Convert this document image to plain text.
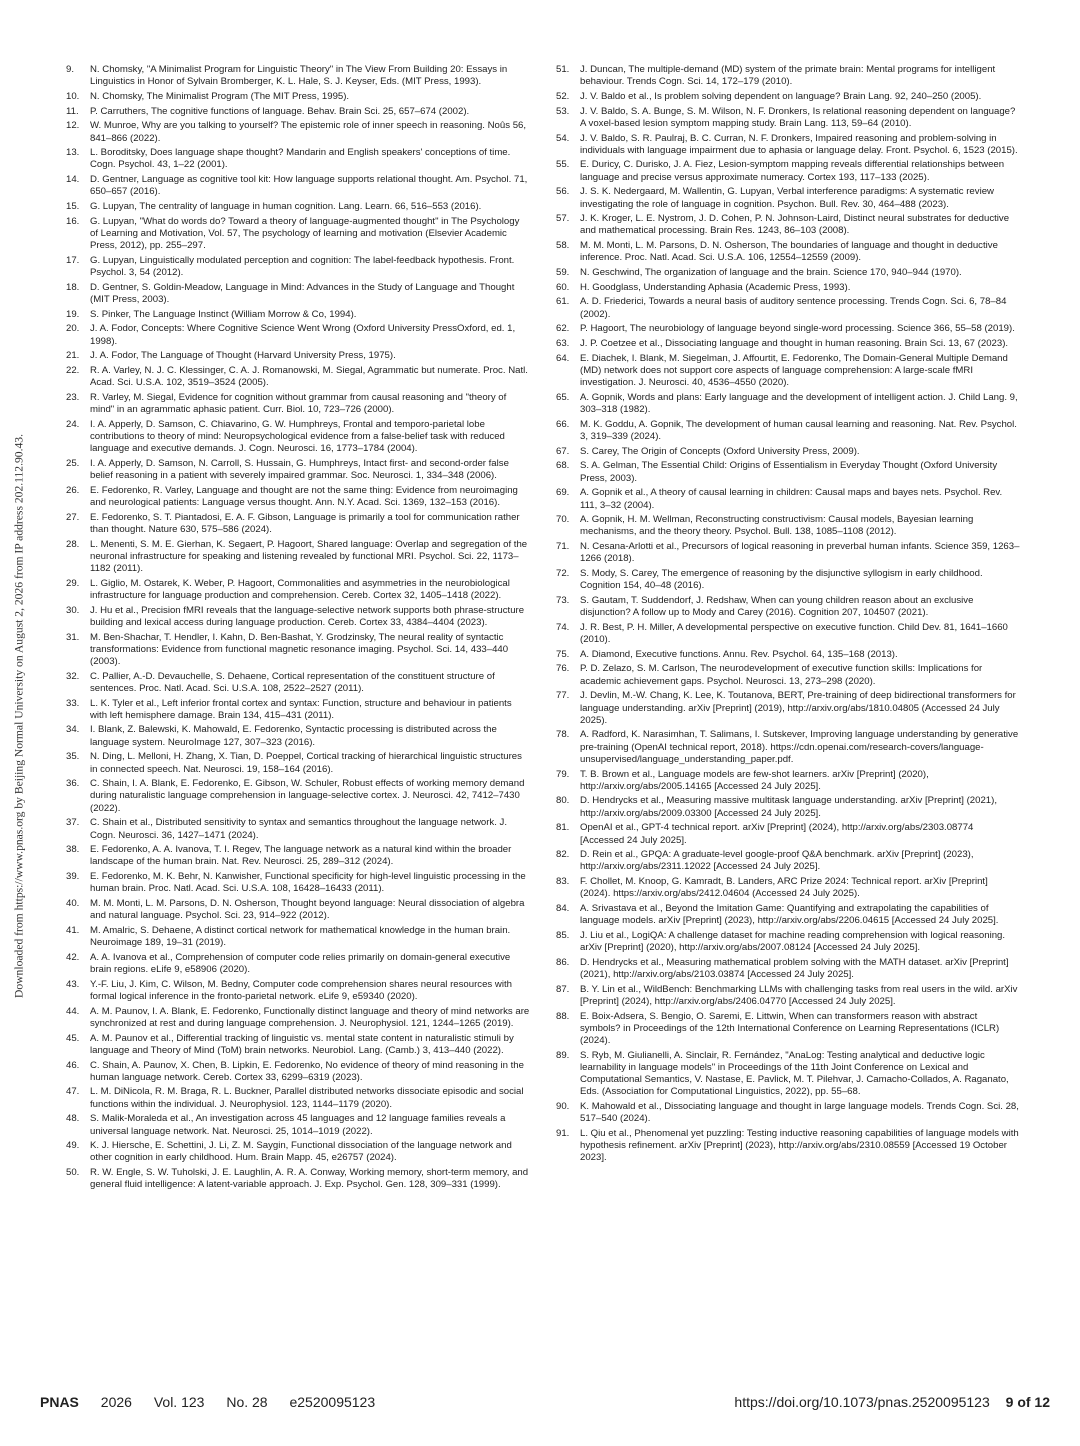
Downloaded from https://www.pnas.org by Beijing Normal University on August 2, 2026 from IP address 202.112.90.43.
9. N. Chomsky, "A Minimalist Program for Linguistic Theory" in The View From Building 20: Essays in Linguistics in Honor of Sylvain Bromberger, K. L. Hale, S. J. Keyser, Eds. (MIT Press, 1993).
10. N. Chomsky, The Minimalist Program (The MIT Press, 1995).
11. P. Carruthers, The cognitive functions of language. Behav. Brain Sci. 25, 657–674 (2002).
12. W. Munroe, Why are you talking to yourself? The epistemic role of inner speech in reasoning. Noûs 56, 841–866 (2022).
13. L. Boroditsky, Does language shape thought? Mandarin and English speakers' conceptions of time. Cogn. Psychol. 43, 1–22 (2001).
14. D. Gentner, Language as cognitive tool kit: How language supports relational thought. Am. Psychol. 71, 650–657 (2016).
15. G. Lupyan, The centrality of language in human cognition. Lang. Learn. 66, 516–553 (2016).
16. G. Lupyan, "What do words do? Toward a theory of language-augmented thought" in The Psychology of Learning and Motivation, Vol. 57, The psychology of learning and motivation (Elsevier Academic Press, 2012), pp. 255–297.
17. G. Lupyan, Linguistically modulated perception and cognition: The label-feedback hypothesis. Front. Psychol. 3, 54 (2012).
18. D. Gentner, S. Goldin-Meadow, Language in Mind: Advances in the Study of Language and Thought (MIT Press, 2003).
19. S. Pinker, The Language Instinct (William Morrow & Co, 1994).
20. J. A. Fodor, Concepts: Where Cognitive Science Went Wrong (Oxford University PressOxford, ed. 1, 1998).
21. J. A. Fodor, The Language of Thought (Harvard University Press, 1975).
22. R. A. Varley, N. J. C. Klessinger, C. A. J. Romanowski, M. Siegal, Agrammatic but numerate. Proc. Natl. Acad. Sci. U.S.A. 102, 3519–3524 (2005).
23. R. Varley, M. Siegal, Evidence for cognition without grammar from causal reasoning and "theory of mind" in an agrammatic aphasic patient. Curr. Biol. 10, 723–726 (2000).
24. I. A. Apperly, D. Samson, C. Chiavarino, G. W. Humphreys, Frontal and temporo-parietal lobe contributions to theory of mind: Neuropsychological evidence from a false-belief task with reduced language and executive demands. J. Cogn. Neurosci. 16, 1773–1784 (2004).
25. I. A. Apperly, D. Samson, N. Carroll, S. Hussain, G. Humphreys, Intact first- and second-order false belief reasoning in a patient with severely impaired grammar. Soc. Neurosci. 1, 334–348 (2006).
26. E. Fedorenko, R. Varley, Language and thought are not the same thing: Evidence from neuroimaging and neurological patients: Language versus thought. Ann. N.Y. Acad. Sci. 1369, 132–153 (2016).
27. E. Fedorenko, S. T. Piantadosi, E. A. F. Gibson, Language is primarily a tool for communication rather than thought. Nature 630, 575–586 (2024).
28. L. Menenti, S. M. E. Gierhan, K. Segaert, P. Hagoort, Shared language: Overlap and segregation of the neuronal infrastructure for speaking and listening revealed by functional MRI. Psychol. Sci. 22, 1173–1182 (2011).
29. L. Giglio, M. Ostarek, K. Weber, P. Hagoort, Commonalities and asymmetries in the neurobiological infrastructure for language production and comprehension. Cereb. Cortex 32, 1405–1418 (2022).
30. J. Hu et al., Precision fMRI reveals that the language-selective network supports both phrase-structure building and lexical access during language production. Cereb. Cortex 33, 4384–4404 (2023).
31. M. Ben-Shachar, T. Hendler, I. Kahn, D. Ben-Bashat, Y. Grodzinsky, The neural reality of syntactic transformations: Evidence from functional magnetic resonance imaging. Psychol. Sci. 14, 433–440 (2003).
32. C. Pallier, A.-D. Devauchelle, S. Dehaene, Cortical representation of the constituent structure of sentences. Proc. Natl. Acad. Sci. U.S.A. 108, 2522–2527 (2011).
33. L. K. Tyler et al., Left inferior frontal cortex and syntax: Function, structure and behaviour in patients with left hemisphere damage. Brain 134, 415–431 (2011).
34. I. Blank, Z. Balewski, K. Mahowald, E. Fedorenko, Syntactic processing is distributed across the language system. NeuroImage 127, 307–323 (2016).
35. N. Ding, L. Melloni, H. Zhang, X. Tian, D. Poeppel, Cortical tracking of hierarchical linguistic structures in connected speech. Nat. Neurosci. 19, 158–164 (2016).
36. C. Shain, I. A. Blank, E. Fedorenko, E. Gibson, W. Schuler, Robust effects of working memory demand during naturalistic language comprehension in language-selective cortex. J. Neurosci. 42, 7412–7430 (2022).
37. C. Shain et al., Distributed sensitivity to syntax and semantics throughout the language network. J. Cogn. Neurosci. 36, 1427–1471 (2024).
38. E. Fedorenko, A. A. Ivanova, T. I. Regev, The language network as a natural kind within the broader landscape of the human brain. Nat. Rev. Neurosci. 25, 289–312 (2024).
39. E. Fedorenko, M. K. Behr, N. Kanwisher, Functional specificity for high-level linguistic processing in the human brain. Proc. Natl. Acad. Sci. U.S.A. 108, 16428–16433 (2011).
40. M. M. Monti, L. M. Parsons, D. N. Osherson, Thought beyond language: Neural dissociation of algebra and natural language. Psychol. Sci. 23, 914–922 (2012).
41. M. Amalric, S. Dehaene, A distinct cortical network for mathematical knowledge in the human brain. Neuroimage 189, 19–31 (2019).
42. A. A. Ivanova et al., Comprehension of computer code relies primarily on domain-general executive brain regions. eLife 9, e58906 (2020).
43. Y.-F. Liu, J. Kim, C. Wilson, M. Bedny, Computer code comprehension shares neural resources with formal logical inference in the fronto-parietal network. eLife 9, e59340 (2020).
44. A. M. Paunov, I. A. Blank, E. Fedorenko, Functionally distinct language and theory of mind networks are synchronized at rest and during language comprehension. J. Neurophysiol. 121, 1244–1265 (2019).
45. A. M. Paunov et al., Differential tracking of linguistic vs. mental state content in naturalistic stimuli by language and Theory of Mind (ToM) brain networks. Neurobiol. Lang. (Camb.) 3, 413–440 (2022).
46. C. Shain, A. Paunov, X. Chen, B. Lipkin, E. Fedorenko, No evidence of theory of mind reasoning in the human language network. Cereb. Cortex 33, 6299–6319 (2023).
47. L. M. DiNicola, R. M. Braga, R. L. Buckner, Parallel distributed networks dissociate episodic and social functions within the individual. J. Neurophysiol. 123, 1144–1179 (2020).
48. S. Malik-Moraleda et al., An investigation across 45 languages and 12 language families reveals a universal language network. Nat. Neurosci. 25, 1014–1019 (2022).
49. K. J. Hiersche, E. Schettini, J. Li, Z. M. Saygin, Functional dissociation of the language network and other cognition in early childhood. Hum. Brain Mapp. 45, e26757 (2024).
50. R. W. Engle, S. W. Tuholski, J. E. Laughlin, A. R. A. Conway, Working memory, short-term memory, and general fluid intelligence: A latent-variable approach. J. Exp. Psychol. Gen. 128, 309–331 (1999).
51. J. Duncan, The multiple-demand (MD) system of the primate brain: Mental programs for intelligent behaviour. Trends Cogn. Sci. 14, 172–179 (2010).
52. J. V. Baldo et al., Is problem solving dependent on language? Brain Lang. 92, 240–250 (2005).
53. J. V. Baldo, S. A. Bunge, S. M. Wilson, N. F. Dronkers, Is relational reasoning dependent on language? A voxel-based lesion symptom mapping study. Brain Lang. 113, 59–64 (2010).
54. J. V. Baldo, S. R. Paulraj, B. C. Curran, N. F. Dronkers, Impaired reasoning and problem-solving in individuals with language impairment due to aphasia or language delay. Front. Psychol. 6, 1523 (2015).
55. E. Duricy, C. Durisko, J. A. Fiez, Lesion-symptom mapping reveals differential relationships between language and precise versus approximate numeracy. Cortex 193, 117–133 (2025).
56. J. S. K. Nedergaard, M. Wallentin, G. Lupyan, Verbal interference paradigms: A systematic review investigating the role of language in cognition. Psychon. Bull. Rev. 30, 464–488 (2023).
57. J. K. Kroger, L. E. Nystrom, J. D. Cohen, P. N. Johnson-Laird, Distinct neural substrates for deductive and mathematical processing. Brain Res. 1243, 86–103 (2008).
58. M. M. Monti, L. M. Parsons, D. N. Osherson, The boundaries of language and thought in deductive inference. Proc. Natl. Acad. Sci. U.S.A. 106, 12554–12559 (2009).
59. N. Geschwind, The organization of language and the brain. Science 170, 940–944 (1970).
60. H. Goodglass, Understanding Aphasia (Academic Press, 1993).
61. A. D. Friederici, Towards a neural basis of auditory sentence processing. Trends Cogn. Sci. 6, 78–84 (2002).
62. P. Hagoort, The neurobiology of language beyond single-word processing. Science 366, 55–58 (2019).
63. J. P. Coetzee et al., Dissociating language and thought in human reasoning. Brain Sci. 13, 67 (2023).
64. E. Diachek, I. Blank, M. Siegelman, J. Affourtit, E. Fedorenko, The Domain-General Multiple Demand (MD) network does not support core aspects of language comprehension: A large-scale fMRI investigation. J. Neurosci. 40, 4536–4550 (2020).
65. A. Gopnik, Words and plans: Early language and the development of intelligent action. J. Child Lang. 9, 303–318 (1982).
66. M. K. Goddu, A. Gopnik, The development of human causal learning and reasoning. Nat. Rev. Psychol. 3, 319–339 (2024).
67. S. Carey, The Origin of Concepts (Oxford University Press, 2009).
68. S. A. Gelman, The Essential Child: Origins of Essentialism in Everyday Thought (Oxford University Press, 2003).
69. A. Gopnik et al., A theory of causal learning in children: Causal maps and bayes nets. Psychol. Rev. 111, 3–32 (2004).
70. A. Gopnik, H. M. Wellman, Reconstructing constructivism: Causal models, Bayesian learning mechanisms, and the theory theory. Psychol. Bull. 138, 1085–1108 (2012).
71. N. Cesana-Arlotti et al., Precursors of logical reasoning in preverbal human infants. Science 359, 1263–1266 (2018).
72. S. Mody, S. Carey, The emergence of reasoning by the disjunctive syllogism in early childhood. Cognition 154, 40–48 (2016).
73. S. Gautam, T. Suddendorf, J. Redshaw, When can young children reason about an exclusive disjunction? A follow up to Mody and Carey (2016). Cognition 207, 104507 (2021).
74. J. R. Best, P. H. Miller, A developmental perspective on executive function. Child Dev. 81, 1641–1660 (2010).
75. A. Diamond, Executive functions. Annu. Rev. Psychol. 64, 135–168 (2013).
76. P. D. Zelazo, S. M. Carlson, The neurodevelopment of executive function skills: Implications for academic achievement gaps. Psychol. Neurosci. 13, 273–298 (2020).
77. J. Devlin, M.-W. Chang, K. Lee, K. Toutanova, BERT, Pre-training of deep bidirectional transformers for language understanding. arXiv [Preprint] (2019), http://arxiv.org/abs/1810.04805 (Accessed 24 July 2025).
78. A. Radford, K. Narasimhan, T. Salimans, I. Sutskever, Improving language understanding by generative pre-training (OpenAI technical report, 2018). https://cdn.openai.com/research-covers/language-unsupervised/language_understanding_paper.pdf.
79. T. B. Brown et al., Language models are few-shot learners. arXiv [Preprint] (2020), http://arxiv.org/abs/2005.14165 [Accessed 24 July 2025].
80. D. Hendrycks et al., Measuring massive multitask language understanding. arXiv [Preprint] (2021), http://arxiv.org/abs/2009.03300 [Accessed 24 July 2025].
81. OpenAI et al., GPT-4 technical report. arXiv [Preprint] (2024), http://arxiv.org/abs/2303.08774 [Accessed 24 July 2025].
82. D. Rein et al., GPQA: A graduate-level google-proof Q&A benchmark. arXiv [Preprint] (2023), http://arxiv.org/abs/2311.12022 [Accessed 24 July 2025].
83. F. Chollet, M. Knoop, G. Kamradt, B. Landers, ARC Prize 2024: Technical report. arXiv [Preprint] (2024). https://arxiv.org/abs/2412.04604 (Accessed 24 July 2025).
84. A. Srivastava et al., Beyond the Imitation Game: Quantifying and extrapolating the capabilities of language models. arXiv [Preprint] (2023), http://arxiv.org/abs/2206.04615 [Accessed 24 July 2025].
85. J. Liu et al., LogiQA: A challenge dataset for machine reading comprehension with logical reasoning. arXiv [Preprint] (2020), http://arxiv.org/abs/2007.08124 [Accessed 24 July 2025].
86. D. Hendrycks et al., Measuring mathematical problem solving with the MATH dataset. arXiv [Preprint] (2021), http://arxiv.org/abs/2103.03874 [Accessed 24 July 2025].
87. B. Y. Lin et al., WildBench: Benchmarking LLMs with challenging tasks from real users in the wild. arXiv [Preprint] (2024), http://arxiv.org/abs/2406.04770 [Accessed 24 July 2025].
88. E. Boix-Adsera, S. Bengio, O. Saremi, E. Littwin, When can transformers reason with abstract symbols? in Proceedings of the 12th International Conference on Learning Representations (ICLR) (2024).
89. S. Ryb, M. Giulianelli, A. Sinclair, R. Fernández, "AnaLog: Testing analytical and deductive logic learnability in language models" in Proceedings of the 11th Joint Conference on Lexical and Computational Semantics, V. Nastase, E. Pavlick, M. T. Pilehvar, J. Camacho-Collados, A. Raganato, Eds. (Association for Computational Linguistics, 2022), pp. 55–68.
90. K. Mahowald et al., Dissociating language and thought in large language models. Trends Cogn. Sci. 28, 517–540 (2024).
91. L. Qiu et al., Phenomenal yet puzzling: Testing inductive reasoning capabilities of language models with hypothesis refinement. arXiv [Preprint] (2023), http://arxiv.org/abs/2310.08559 [Accessed 19 October 2023].
PNAS 2026 Vol. 123 No. 28 e2520095123	https://doi.org/10.1073/pnas.2520095123 9 of 12
